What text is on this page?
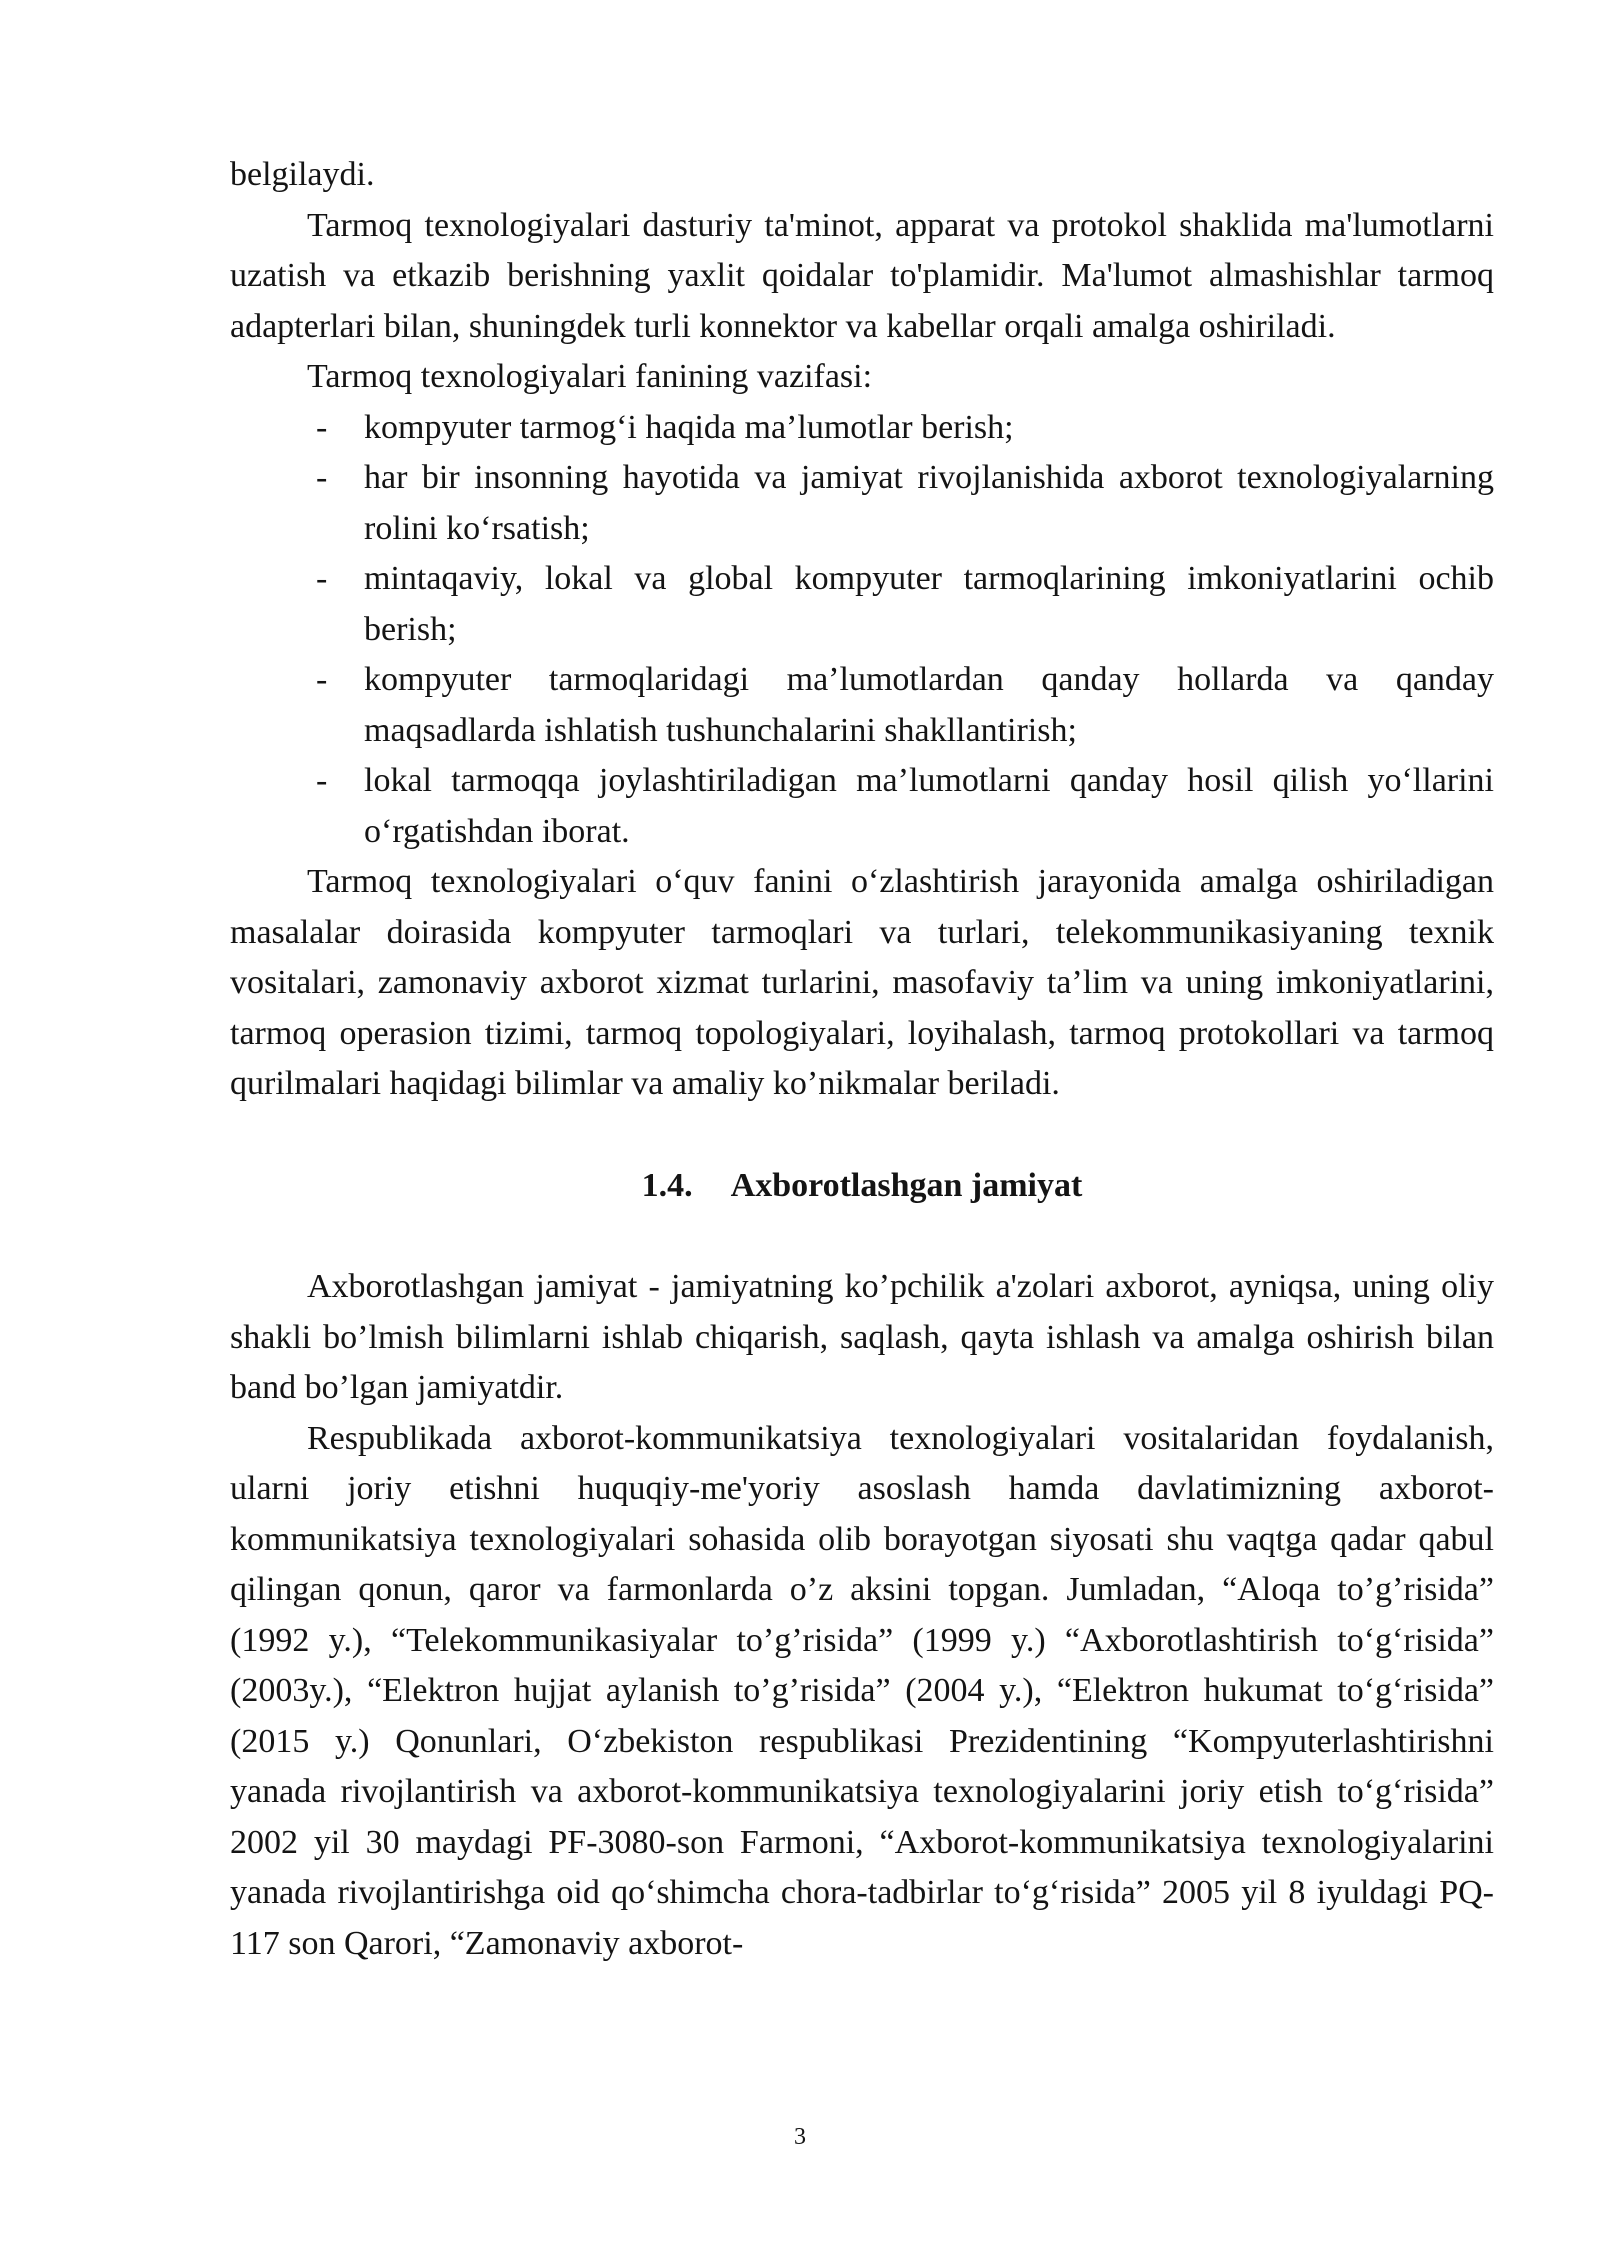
belgilaydi.

Tarmoq texnologiyalari dasturiy ta'minot, apparat va protokol shaklida ma'lumotlarni uzatish va etkazib berishning yaxlit qoidalar to'plamidir. Ma'lumot almashishlar tarmoq adapterlari bilan, shuningdek turli konnektor va kabellar orqali amalga oshiriladi.

Tarmoq texnologiyalari fanining vazifasi:

- kompyuter tarmog‘i haqida ma’lumotlar berish;
- har bir insonning hayotida va jamiyat rivojlanishida axborot texnologiyalarning rolini ko‘rsatish;
- mintaqaviy, lokal va global kompyuter tarmoqlarining imkoniyatlarini ochib berish;
- kompyuter tarmoqlaridagi ma’lumotlardan qanday hollarda va qanday maqsadlarda ishlatish tushunchalarini shakllantirish;
- lokal tarmoqqa joylashtiriladigan ma’lumotlarni qanday hosil qilish yo‘llarini o‘rgatishdan iborat.

Tarmoq texnologiyalari o‘quv fanini o‘zlashtirish jarayonida amalga oshiriladigan masalalar doirasida kompyuter tarmoqlari va turlari, telekommunikasiyaning texnik vositalari, zamonaviy axborot xizmat turlarini, masofaviy ta’lim va uning imkoniyatlarini, tarmoq operasion tizimi, tarmoq topologiyalari, loyihalash, tarmoq protokollari va tarmoq qurilmalari haqidagi bilimlar va amaliy ko’nikmalar beriladi.

1.4. Axborotlashgan jamiyat

Axborotlashgan jamiyat - jamiyatning ko’pchilik a'zolari axborot, ayniqsa, uning oliy shakli bo’lmish bilimlarni ishlab chiqarish, saqlash, qayta ishlash va amalga oshirish bilan band bo’lgan jamiyatdir.

Respublikada axborot-kommunikatsiya texnologiyalari vositalaridan foydalanish, ularni joriy etishni huquqiy-me'yoriy asoslash hamda davlatimizning axborot-kommunikatsiya texnologiyalari sohasida olib borayotgan siyosati shu vaqtga qadar qabul qilingan qonun, qaror va farmonlarda o’z aksini topgan. Jumladan, “Aloqa to’g’risida” (1992 y.), “Telekommunikasiyalar to’g’risida” (1999 y.) “Axborotlashtirish to‘g‘risida” (2003y.), “Elektron hujjat aylanish to’g’risida” (2004 y.), “Elektron hukumat to‘g‘risida” (2015 y.) Qonunlari, O‘zbekiston respublikasi Prezidentining “Kompyuterlashtirishni yanada rivojlantirish va axborot-kommunikatsiya texnologiyalarini joriy etish to‘g‘risida” 2002 yil 30 maydagi PF-3080-son Farmoni, “Axborot-kommunikatsiya texnologiyalarini yanada rivojlantirishga oid qo‘shimcha chora-tadbirlar to‘g‘risida” 2005 yil 8 iyuldagi PQ-117 son Qarori, “Zamonaviy axborot-

3
